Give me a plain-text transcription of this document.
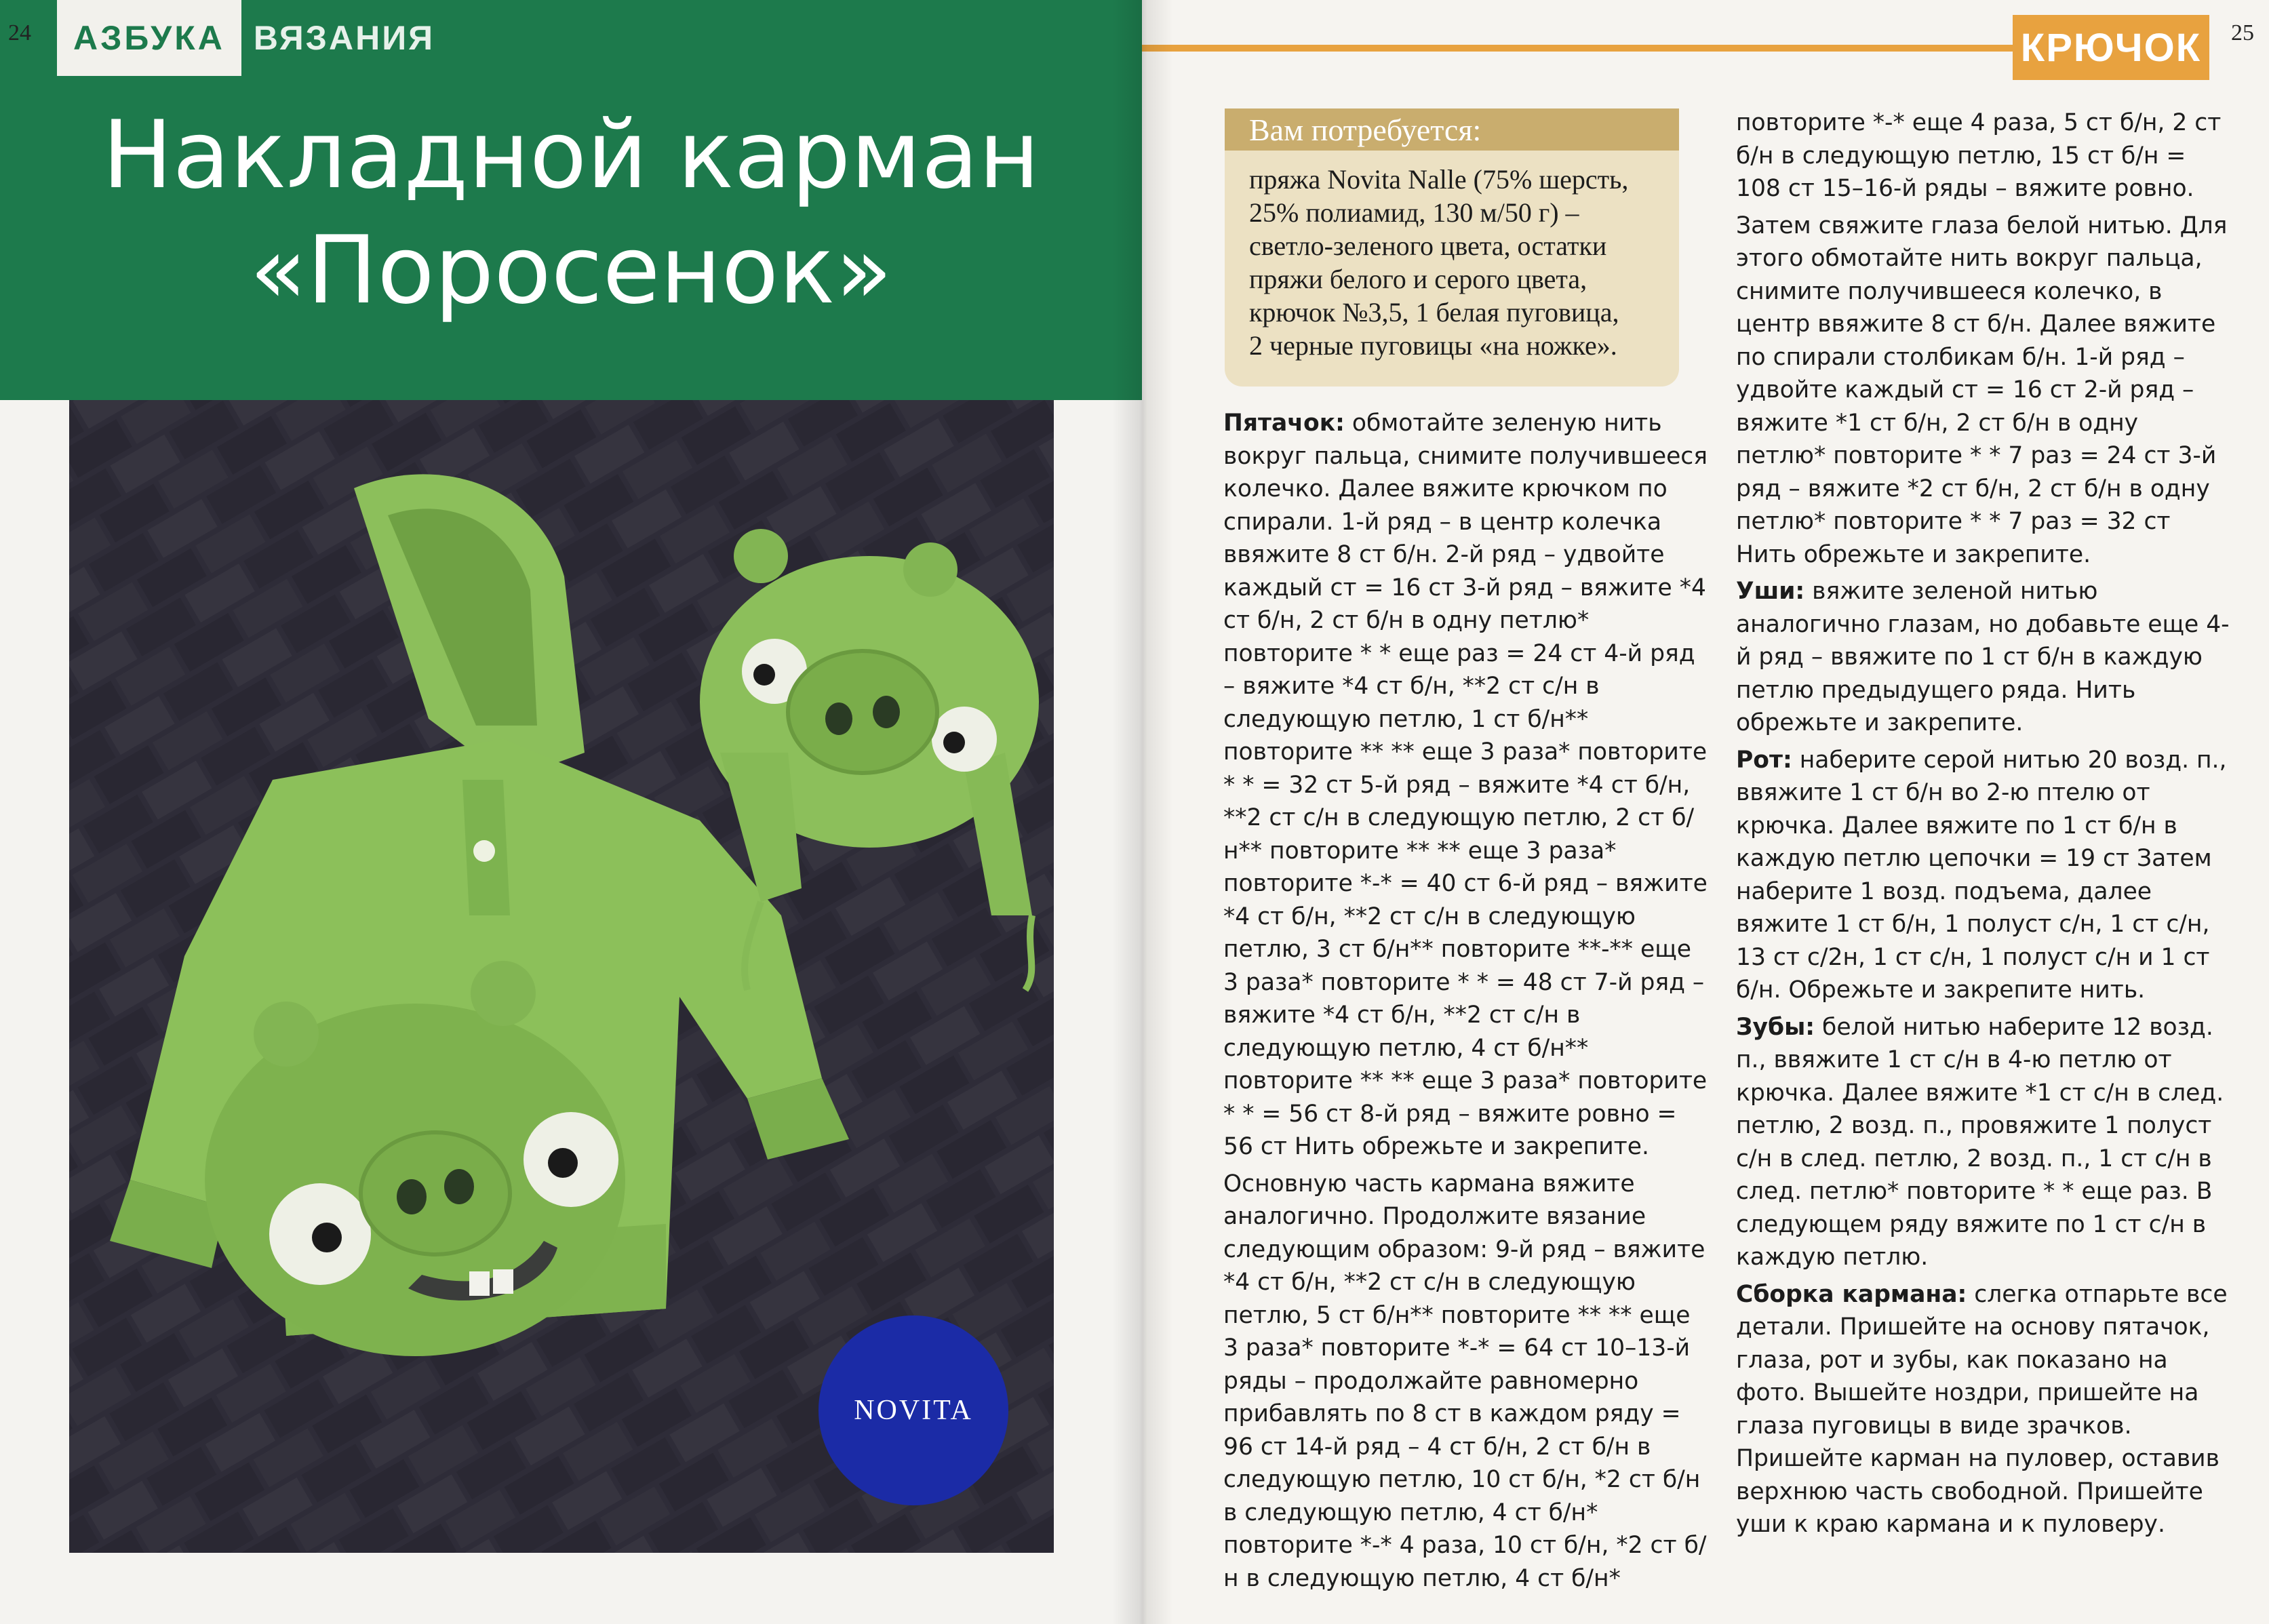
АЗБУКА ВЯЗАНИЯ
Накладной карман
«Поросенок»
24
NOVITA
КРЮЧОК	25
Вам потребуется:
пряжа Novita Nalle (75% шерсть,
25% полиамид, 130 м/50 г) –
светло-зеленого цвета, остатки
пряжи белого и серого цвета,
крючок №3,5, 1 белая пуговица,
2 черные пуговицы «на ножке».

Пятачок: обмотайте зеленую нить вокруг пальца, снимите получившееся колечко. Далее вяжите крючком по спирали. 1-й ряд – в центр колечка ввяжите 8 ст б/н. 2-й ряд – удвойте каждый ст = 16 ст 3-й ряд – вяжите *4 ст б/н, 2 ст б/н в одну петлю* повторите * * еще раз = 24 ст 4-й ряд – вяжите *4 ст б/н, **2 ст с/н в следующую петлю, 1 ст б/н** повторите ** ** еще 3 раза* повторите * * = 32 ст 5-й ряд – вяжите *4 ст б/н, **2 ст с/н в следующую петлю, 2 ст б/н** повторите ** ** еще 3 раза* повторите *-* = 40 ст 6-й ряд – вяжите *4 ст б/н, **2 ст с/н в следующую петлю, 3 ст б/н** повторите **-** еще 3 раза* повторите * * = 48 ст 7-й ряд – вяжите *4 ст б/н, **2 ст с/н в следующую петлю, 4 ст б/н** повторите ** ** еще 3 раза* повторите * * = 56 ст 8-й ряд – вяжите ровно = 56 ст Нить обрежьте и закрепите.

Основную часть кармана вяжите аналогично. Продолжите вязание следующим образом: 9-й ряд – вяжите *4 ст б/н, **2 ст с/н в следующую петлю, 5 ст б/н** повторите ** ** еще 3 раза* повторите *-* = 64 ст 10–13-й ряды – продолжайте равномерно прибавлять по 8 ст в каждом ряду = 96 ст 14-й ряд – 4 ст б/н, 2 ст б/н в следующую петлю, 10 ст б/н, *2 ст б/н в следующую петлю, 4 ст б/н* повторите *-* 4 раза, 10 ст б/н, *2 ст б/н в следующую петлю, 4 ст б/н*

повторите *-* еще 4 раза, 5 ст б/н, 2 ст б/н в следующую петлю, 15 ст б/н = 108 ст 15–16-й ряды – вяжите ровно.

Затем свяжите глаза белой нитью. Для этого обмотайте нить вокруг пальца, снимите получившееся колечко, в центр ввяжите 8 ст б/н. Далее вяжите по спирали столбикам б/н. 1-й ряд – удвойте каждый ст = 16 ст 2-й ряд – вяжите *1 ст б/н, 2 ст б/н в одну петлю* повторите * * 7 раз = 24 ст 3-й ряд – вяжите *2 ст б/н, 2 ст б/н в одну петлю* повторите * * 7 раз = 32 ст Нить обрежьте и закрепите.

Уши: вяжите зеленой нитью аналогично глазам, но добавьте еще 4-й ряд – ввяжите по 1 ст б/н в каждую петлю предыдущего ряда. Нить обрежьте и закрепите.

Рот: наберите серой нитью 20 возд. п., ввяжите 1 ст б/н во 2-ю птелю от крючка. Далее вяжите по 1 ст б/н в каждую петлю цепочки = 19 ст Затем наберите 1 возд. подъема, далее вяжите 1 ст б/н, 1 полуст с/н, 1 ст с/н, 13 ст с/2н, 1 ст с/н, 1 полуст с/н и 1 ст б/н. Обрежьте и закрепите нить.

Зубы: белой нитью наберите 12 возд. п., ввяжите 1 ст с/н в 4-ю петлю от крючка. Далее вяжите *1 ст с/н в след. петлю, 2 возд. п., провяжите 1 полуст с/н в след. петлю, 2 возд. п., 1 ст с/н в след. петлю* повторите * * еще раз. В следующем ряду вяжите по 1 ст с/н в каждую петлю.

Сборка кармана: слегка отпарьте все детали. Пришейте на основу пятачок, глаза, рот и зубы, как показано на фото. Вышейте ноздри, пришейте на глаза пуговицы в виде зрачков. Пришейте карман на пуловер, оставив верхнюю часть свободной. Пришейте уши к краю кармана и к пуловеру.
